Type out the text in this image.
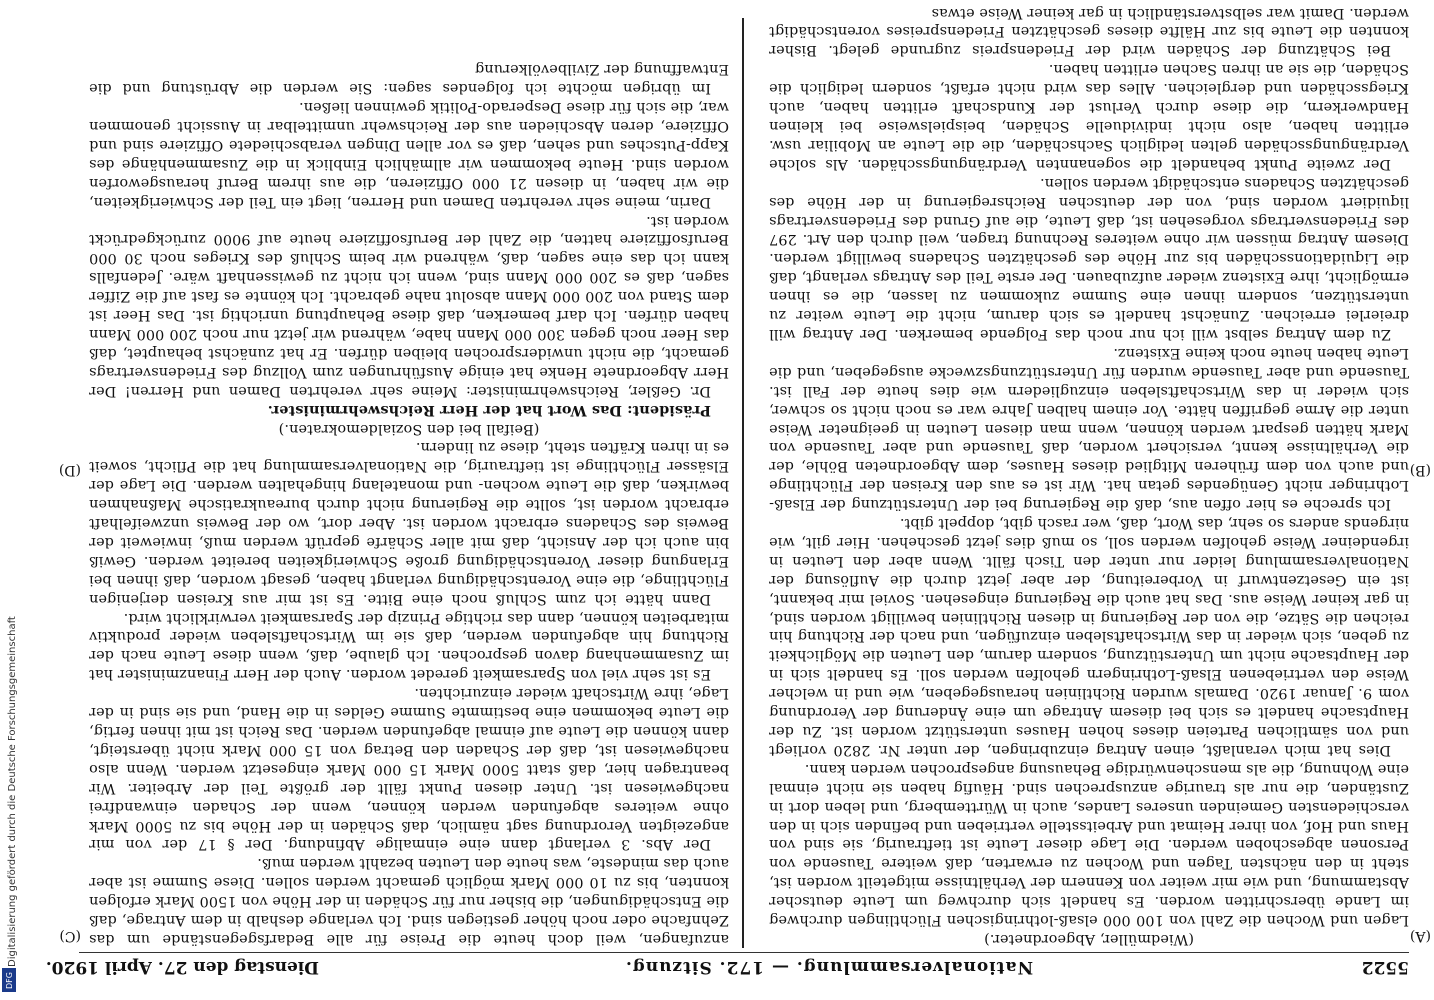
Digitalisierung gefördert durch die Deutsche Forschungsgemeinschaft
DFG
5522
Nationalversammlung. — 172. Sitzung.
Dienstag den 27. April 1920.
(A)
(B)
(C)
(D)

(Wiedmüller, Abgeordneter.)

Lagen und Wochen die Zahl von 100 000 elsaß-lothringischen Flüchtlingen durchweg im Lande überschritten worden. Es handelt sich durchweg um Leute deutscher Abstammung, und wie mir weiter von Kennern der Verhältnisse mitgeteilt worden ist, steht in den nächsten Tagen und Wochen zu erwarten, daß weitere Tausende von Personen abgeschoben werden. Die Lage dieser Leute ist tieftraurig, sie sind von Haus und Hof, von ihrer Heimat und Arbeitsstelle vertrieben und befinden sich in den verschiedensten Gemeinden unseres Landes, auch in Württemberg, und leben dort in Zuständen, die nur als traurige anzusprechen sind. Häufig haben sie nicht einmal eine Wohnung, die als menschenwürdige Behausung angesprochen werden kann.

Dies hat mich veranlaßt, einen Antrag einzubringen, der unter Nr. 2820 vorliegt und von sämtlichen Parteien dieses hohen Hauses unterstützt worden ist. Zu der Hauptsache handelt es sich bei diesem Antrage um eine Änderung der Verordnung vom 9. Januar 1920. Damals wurden Richtlinien herausgegeben, wie und in welcher Weise den vertriebenen Elsaß-Lothringern geholfen werden soll. Es handelt sich in der Hauptsache nicht um Unterstützung, sondern darum, den Leuten die Möglichkeit zu geben, sich wieder in das Wirtschaftsleben einzufügen, und nach der Richtung hin reichen die Sätze, die von der Regierung in diesen Richtlinien bewilligt worden sind, in gar keiner Weise aus. Das hat auch die Regierung eingesehen. Soviel mir bekannt, ist ein Gesetzentwurf in Vorbereitung, der aber jetzt durch die Auflösung der Nationalversammlung leider nur unter den Tisch fällt. Wenn aber den Leuten in irgendeiner Weise geholfen werden soll, so muß dies jetzt geschehen. Hier gilt, wie nirgends anders so sehr, das Wort, daß, wer rasch gibt, doppelt gibt.

Ich spreche es hier offen aus, daß die Regierung bei der Unterstützung der Elsaß-Lothringer nicht Genügendes getan hat. Wir ist es aus den Kreisen der Flüchtlinge und auch von dem früheren Mitglied dieses Hauses, dem Abgeordneten Böhle, der die Verhältnisse kennt, versichert worden, daß Tausende und aber Tausende von Mark hätten gespart werden können, wenn man diesen Leuten in geeigneter Weise unter die Arme gegriffen hätte. Vor einem halben Jahre war es noch nicht so schwer, sich wieder in das Wirtschaftsleben einzugliedern wie dies heute der Fall ist. Tausende und aber Tausende wurden für Unterstützungszwecke ausgegeben, und die Leute haben heute noch keine Existenz.

Zu dem Antrag selbst will ich nur noch das Folgende bemerken. Der Antrag will dreierlei erreichen. Zunächst handelt es sich darum, nicht die Leute weiter zu unterstützen, sondern ihnen eine Summe zukommen zu lassen, die es ihnen ermöglicht, ihre Existenz wieder aufzubauen. Der erste Teil des Antrags verlangt, daß die Liquidationsschäden bis zur Höhe des geschätzten Schadens bewilligt werden. Diesem Antrag müssen wir ohne weiteres Rechnung tragen, weil durch den Art. 297 des Friedensvertrags vorgesehen ist, daß Leute, die auf Grund des Friedensvertrags liquidiert worden sind, von der deutschen Reichsregierung in der Höhe des geschätzten Schadens entschädigt werden sollen.

Der zweite Punkt behandelt die sogenannten Verdrängungsschäden. Als solche Verdrängungsschäden gelten lediglich Sachschäden, die die Leute an Mobiliar usw. erlitten haben, also nicht individuelle Schäden, beispielsweise bei kleinen Handwerkern, die diese durch Verlust der Kundschaft erlitten haben, auch Kriegsschäden und dergleichen. Alles das wird nicht erfaßt, sondern lediglich die Schäden, die sie an ihren Sachen erlitten haben.

Bei Schätzung der Schäden wird der Friedenspreis zugrunde gelegt. Bisher konnten die Leute bis zur Hälfte dieses geschätzten Friedenspreises vorentschädigt werden. Damit war selbstverständlich in gar keiner Weise etwas

anzufangen, weil doch heute die Preise für alle Bedarfsgegenstände um das Zehnfache oder noch höher gestiegen sind. Ich verlange deshalb in dem Antrage, daß die Entschädigungen, die bisher nur für Schäden in der Höhe von 1500 Mark erfolgen konnten, bis zu 10 000 Mark möglich gemacht werden sollen. Diese Summe ist aber auch das mindeste, was heute den Leuten bezahlt werden muß.

Der Abs. 3 verlangt dann eine einmalige Abfindung. Der § 17 der von mir angezeigten Verordnung sagt nämlich, daß Schäden in der Höhe bis zu 5000 Mark ohne weiteres abgefunden werden können, wenn der Schaden einwandfrei nachgewiesen ist. Unter diesen Punkt fällt der größte Teil der Arbeiter. Wir beantragen hier, daß statt 5000 Mark 15 000 Mark eingesetzt werden. Wenn also nachgewiesen ist, daß der Schaden den Betrag von 15 000 Mark nicht übersteigt, dann können die Leute auf einmal abgefunden werden. Das Reich ist mit ihnen fertig, die Leute bekommen eine bestimmte Summe Geldes in die Hand, und sie sind in der Lage, ihre Wirtschaft wieder einzurichten.

Es ist sehr viel von Sparsamkeit geredet worden. Auch der Herr Finanzminister hat im Zusammenhang davon gesprochen. Ich glaube, daß, wenn diese Leute nach der Richtung hin abgefunden werden, daß sie im Wirtschaftsleben wieder produktiv mitarbeiten können, dann das richtige Prinzip der Sparsamkeit verwirklicht wird.

Dann hätte ich zum Schluß noch eine Bitte. Es ist mir aus Kreisen derjenigen Flüchtlinge, die eine Vorentschädigung verlangt haben, gesagt worden, daß ihnen bei Erlangung dieser Vorentschädigung große Schwierigkeiten bereitet werden. Gewiß bin auch ich der Ansicht, daß mit aller Schärfe geprüft werden muß, inwieweit der Beweis des Schadens erbracht worden ist. Aber dort, wo der Beweis unzweifelhaft erbracht worden ist, sollte die Regierung nicht durch bureaukratische Maßnahmen bewirken, daß die Leute wochen- und monatelang hingehalten werden. Die Lage der Elsässer Flüchtlinge ist tieftraurig, die Nationalversammlung hat die Pflicht, soweit es in ihren Kräften steht, diese zu lindern.

(Beifall bei den Sozialdemokraten.)

Präsident: Das Wort hat der Herr Reichswehrminister.

Dr. Geßler, Reichswehrminister: Meine sehr verehrten Damen und Herren! Der Herr Abgeordnete Henke hat einige Ausführungen zum Vollzug des Friedensvertrags gemacht, die nicht unwidersprochen bleiben dürfen. Er hat zunächst behauptet, daß das Heer noch gegen 300 000 Mann habe, während wir jetzt nur noch 200 000 Mann haben dürfen. Ich darf bemerken, daß diese Behauptung unrichtig ist. Das Heer ist dem Stand von 200 000 Mann absolut nahe gebracht. Ich könnte es fast auf die Ziffer sagen, daß es 200 000 Mann sind, wenn ich nicht zu gewissenhaft wäre. Jedenfalls kann ich das eine sagen, daß, während wir beim Schluß des Krieges noch 30 000 Berufsoffiziere hatten, die Zahl der Berufsoffiziere heute auf 9000 zurückgedrückt worden ist.

Darin, meine sehr verehrten Damen und Herren, liegt ein Teil der Schwierigkeiten, die wir haben, in diesen 21 000 Offizieren, die aus ihrem Beruf herausgeworfen worden sind. Heute bekommen wir allmählich Einblick in die Zusammenhänge des Kapp-Putsches und sehen, daß es vor allen Dingen verabschiedete Offiziere sind und Offiziere, deren Abschieden aus der Reichswehr unmittelbar in Aussicht genommen war, die sich für diese Desperado-Politik gewinnen ließen.

Im übrigen möchte ich folgendes sagen: Sie werden die Abrüstung und die Entwaffnung der Zivilbevölkerung
